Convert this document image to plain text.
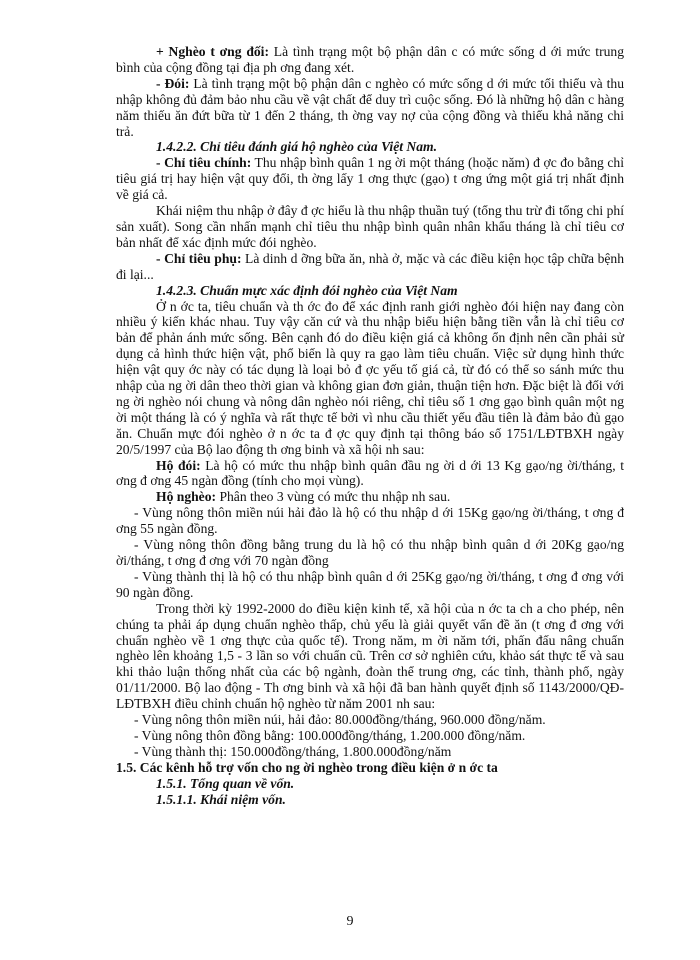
+ Nghèo t ơng đối: Là tình trạng một bộ phận dân c có mức sống d ới mức trung bình của cộng đồng tại địa ph ơng đang xét.

- Đói: Là tình trạng một bộ phận dân c nghèo có mức sống d ới mức tối thiểu và thu nhập không đủ đảm bảo nhu cầu về vật chất để duy trì cuộc sống. Đó là những hộ dân c hàng năm thiếu ăn đứt bữa từ 1 đến 2 tháng, th ờng vay nợ của cộng đồng và thiếu khả năng chi trả.

1.4.2.2. Chỉ tiêu đánh giá hộ nghèo của Việt Nam.

- Chỉ tiêu chính: Thu nhập bình quân 1 ng ời một tháng (hoặc năm) đ ợc đo bằng chỉ tiêu giá trị hay hiện vật quy đổi, th ờng lấy 1 ơng thực (gạo) t ơng ứng một giá trị nhất định về giá cả.

Khái niệm thu nhập ở đây đ ợc hiểu là thu nhập thuần tuý (tổng thu trừ đi tổng chi phí sản xuất). Song cần nhấn mạnh chỉ tiêu thu nhập bình quân nhân khẩu tháng là chỉ tiêu cơ bản nhất để xác định mức đói nghèo.

- Chỉ tiêu phụ: Là dinh d ỡng bữa ăn, nhà ở, mặc và các điều kiện học tập chữa bệnh đi lại...

1.4.2.3. Chuẩn mực xác định đói nghèo của Việt Nam

Ở n ớc ta, tiêu chuẩn và th ớc đo để xác định ranh giới nghèo đói hiện nay đang còn nhiều ý kiến khác nhau. Tuy vậy căn cứ và thu nhập biểu hiện bằng tiền vẫn là chỉ tiêu cơ bản để phản ánh mức sống. Bên cạnh đó do điều kiện giá cả không ổn định nên cần phải sử dụng cả hình thức hiện vật, phổ biến là quy ra gạo làm tiêu chuẩn. Việc sử dụng hình thức hiện vật quy ớc này có tác dụng là loại bỏ đ ợc yếu tố giá cả, từ đó có thể so sánh mức thu nhập của ng ời dân theo thời gian và không gian đơn giản, thuận tiện hơn. Đặc biệt là đối với ng ời nghèo nói chung và nông dân nghèo nói riêng, chỉ tiêu số 1 ơng gạo bình quân một ng ời một tháng là có ý nghĩa và rất thực tế bởi vì nhu cầu thiết yếu đầu tiên là đảm bảo đủ gạo ăn. Chuẩn mực đói nghèo ở n ớc ta đ ợc quy định tại thông báo số 1751/LĐTBXH ngày 20/5/1997 của Bộ lao động th ơng binh và xã hội nh sau:

Hộ đói: Là hộ có mức thu nhập bình quân đầu ng ời d ới 13 Kg gạo/ng ời/tháng, t ơng đ ơng 45 ngàn đồng (tính cho mọi vùng).

Hộ nghèo: Phân theo 3 vùng có mức thu nhập nh sau.

- Vùng nông thôn miền núi hải đảo là hộ có thu nhập d ới 15Kg gạo/ng ời/tháng, t ơng đ ơng 55 ngàn đồng.

- Vùng nông thôn đồng bằng trung du là hộ có thu nhập bình quân d ới 20Kg gạo/ng ời/tháng, t ơng đ ơng với 70 ngàn đồng

- Vùng thành thị là hộ có thu nhập bình quân d ới 25Kg gạo/ng ời/tháng, t ơng đ ơng với 90 ngàn đồng.

Trong thời kỳ 1992-2000 do điều kiện kinh tế, xã hội của n ớc ta ch a cho phép, nên chúng ta phải áp dụng chuẩn nghèo thấp, chủ yếu là giải quyết vấn đề ăn (t ơng đ ơng với chuẩn nghèo về 1 ơng thực của quốc tế). Trong năm, m ời năm tới, phấn đấu nâng chuẩn nghèo lên khoảng 1,5 - 3 lần so với chuẩn cũ. Trên cơ sở nghiên cứu, khảo sát thực tế và sau khi thảo luận thống nhất của các bộ ngành, đoàn thể trung ơng, các tỉnh, thành phố, ngày 01/11/2000. Bộ lao động - Th ơng binh và xã hội đã ban hành quyết định số 1143/2000/QĐ-LĐTBXH điều chỉnh chuẩn hộ nghèo từ năm 2001 nh sau:

- Vùng nông thôn miền núi, hải đảo: 80.000đồng/tháng, 960.000 đồng/năm.

- Vùng nông thôn đồng bằng: 100.000đồng/tháng, 1.200.000 đồng/năm.

- Vùng thành thị: 150.000đồng/tháng, 1.800.000đồng/năm

1.5. Các kênh hỗ trợ vốn cho ng ời nghèo trong điều kiện ở n ớc ta

1.5.1. Tổng quan về vốn.

1.5.1.1. Khái niệm vốn.

9
